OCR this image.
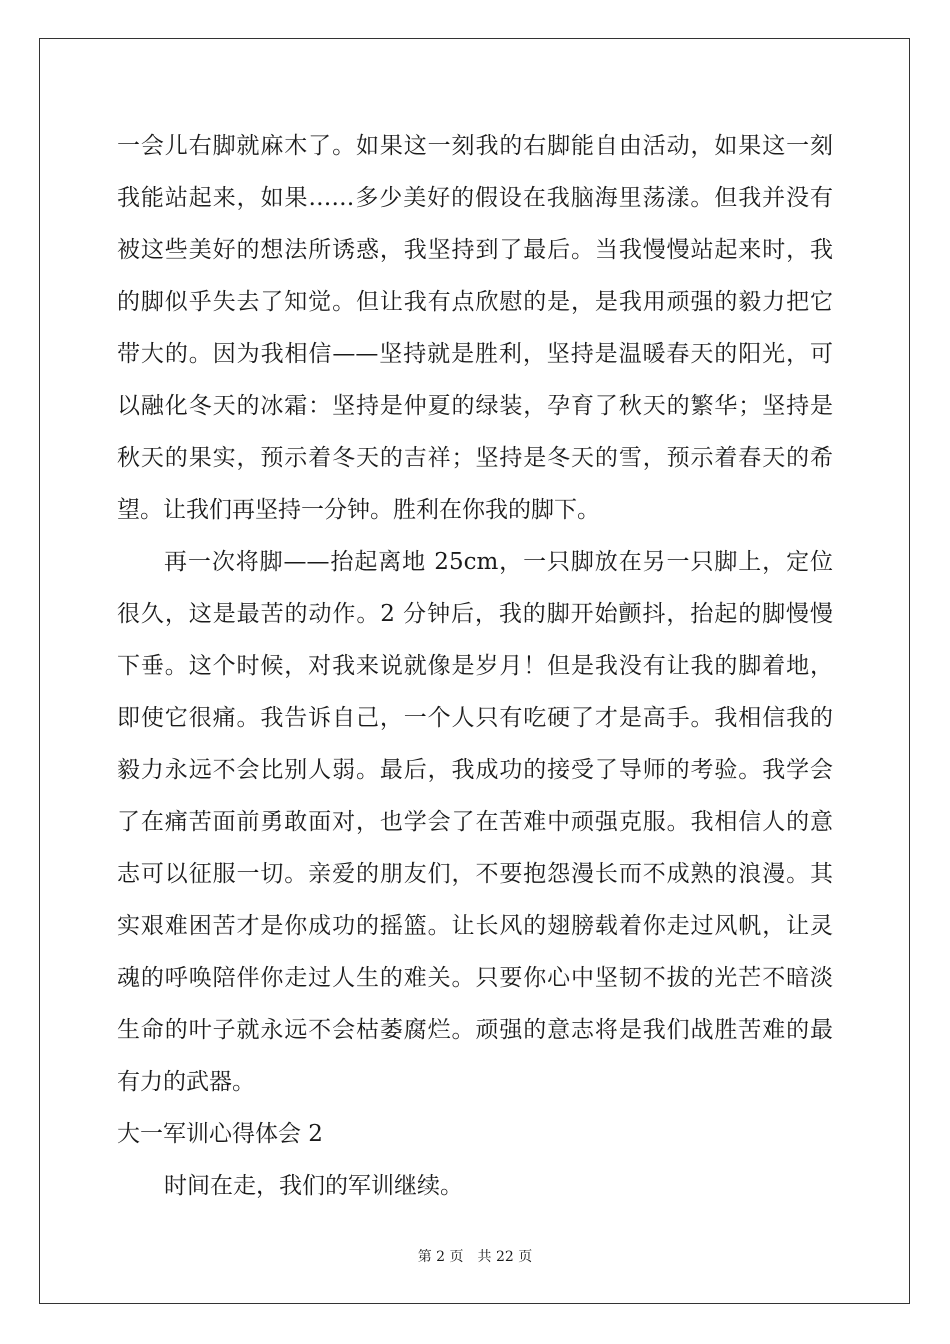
一会儿右脚就麻木了。如果这一刻我的右脚能自由活动，如果这一刻
我能站起来，如果……多少美好的假设在我脑海里荡漾。但我并没有
被这些美好的想法所诱惑，我坚持到了最后。当我慢慢站起来时，我
的脚似乎失去了知觉。但让我有点欣慰的是，是我用顽强的毅力把它
带大的。因为我相信——坚持就是胜利，坚持是温暖春天的阳光，可
以融化冬天的冰霜：坚持是仲夏的绿装，孕育了秋天的繁华；坚持是
秋天的果实，预示着冬天的吉祥；坚持是冬天的雪，预示着春天的希
望。让我们再坚持一分钟。胜利在你我的脚下。
再一次将脚——抬起离地 25cm，一只脚放在另一只脚上，定位
很久，这是最苦的动作。2 分钟后，我的脚开始颤抖，抬起的脚慢慢
下垂。这个时候，对我来说就像是岁月！但是我没有让我的脚着地，
即使它很痛。我告诉自己，一个人只有吃硬了才是高手。我相信我的
毅力永远不会比别人弱。最后，我成功的接受了导师的考验。我学会
了在痛苦面前勇敢面对，也学会了在苦难中顽强克服。我相信人的意
志可以征服一切。亲爱的朋友们，不要抱怨漫长而不成熟的浪漫。其
实艰难困苦才是你成功的摇篮。让长风的翅膀载着你走过风帆，让灵
魂的呼唤陪伴你走过人生的难关。只要你心中坚韧不拔的光芒不暗淡
生命的叶子就永远不会枯萎腐烂。顽强的意志将是我们战胜苦难的最
有力的武器。
大一军训心得体会 2
时间在走，我们的军训继续。
第 2 页　共 22 页
